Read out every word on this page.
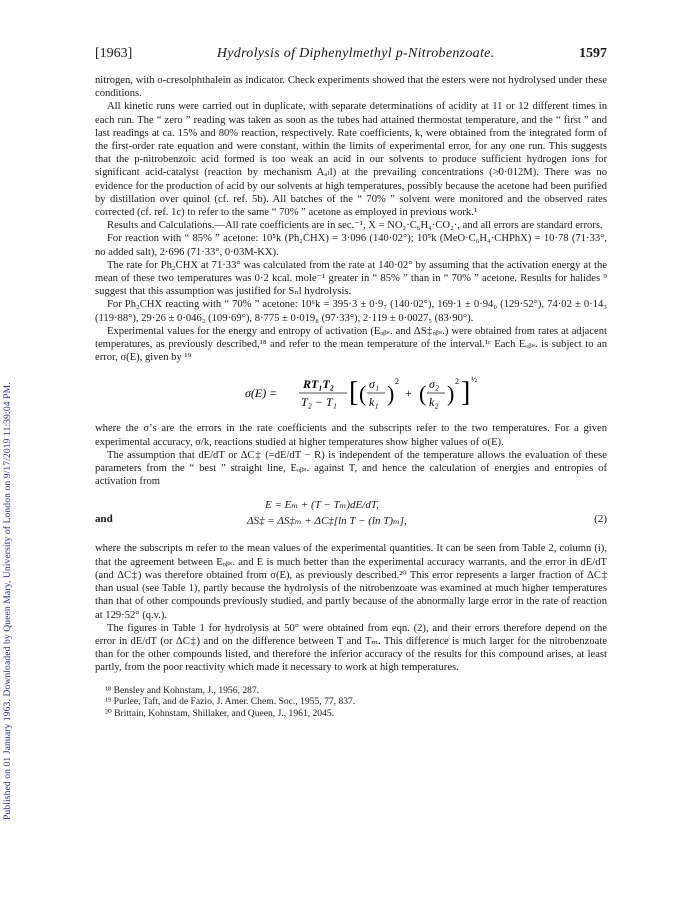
Published on 01 January 1963. Downloaded by Queen Mary, University of London on 9/17/2019 11:39:04 PM.
[1963]	Hydrolysis of Diphenylmethyl p-Nitrobenzoate.	1597

nitrogen, with o-cresolphthalein as indicator. Check experiments showed that the esters were not hydrolysed under these conditions.

All kinetic runs were carried out in duplicate, with separate determinations of acidity at 11 or 12 different times in each run. The “ zero ” reading was taken as soon as the tubes had attained thermostat temperature, and the “ first ” and last readings at ca. 15% and 80% reaction, respectively. Rate coefficients, k, were obtained from the integrated form of the first-order rate equation and were constant, within the limits of experimental error, for any one run. This suggests that the p-nitrobenzoic acid formed is too weak an acid in our solvents to produce sufficient hydrogen ions for significant acid-catalyst (reaction by mechanism Aₐₗl) at the prevailing concentrations (≯0·012M). There was no evidence for the production of acid by our solvents at high temperatures, possibly because the acetone had been purified by distillation over quinol (cf. ref. 5b). All batches of the “ 70% ” solvent were monitored and the observed rates corrected (cf. ref. 1c) to refer to the same “ 70% ” acetone as employed in previous work.¹

Results and Calculations.—All rate coefficients are in sec.⁻¹, X = NO₂·C₆H₄·CO₂·, and all errors are standard errors.

For reaction with “ 85% ” acetone: 10⁵k (Ph₂CHX) = 3·096 (140·02°); 10⁵k (MeO·C₆H₄·CHPhX) = 10·78 (71·33°, no added salt), 2·696 (71·33°, 0·03M-KX).

The rate for Ph₂CHX at 71·33° was calculated from the rate at 140·02° by assuming that the activation energy at the mean of these two temperatures was 0·2 kcal. mole⁻¹ greater in “ 85% ” than in “ 70% ” acetone. Results for halides ⁹ suggest that this assumption was justified for Sₙl hydrolysis.

For Ph₂CHX reacting with “ 70% ” acetone: 10⁶k = 395·3 ± 0·9₇ (140·02°), 169·1 ± 0·94₀ (129·52°), 74·02 ± 0·14₃ (119·88°), 29·26 ± 0·046₂ (109·69°), 8·775 ± 0·019₈ (97·33°), 2·119 ± 0·0027₅ (83·90°).

Experimental values for the energy and entropy of activation (Eₒᵦₛ. and ΔS‡ₒᵦₛ.) were obtained from rates at adjacent temperatures, as previously described,¹⁸ and refer to the mean temperature of the interval.¹ᶜ Each Eₒᵦₛ. is subject to an error, σ(E), given by ¹⁹

σ(E) =
RT₁T₂
T₂ − T₁ [ ( σ₁
k₁ ) 2
+ ( σ₂
k₂ ) 2 ] ½

where the σ’s are the errors in the rate coefficients and the subscripts refer to the two temperatures. For a given experimental accuracy, σ/k, reactions studied at higher temperatures show higher values of σ(E).

The assumption that dE/dT or ΔC‡ (=dE/dT − R) is independent of the temperature allows the evaluation of these parameters from the “ best ” straight line, Eₒᵦₛ. against T, and hence the calculation of energies and entropies of activation from

and
E = Eₘ + (T − Tₘ)dE/dT,
ΔS‡ = ΔS‡ₘ + ΔC‡[ln T − (ln T)ₘ],	(2)

where the subscripts m refer to the mean values of the experimental quantities. It can be seen from Table 2, column (i), that the agreement between Eₒᵦₛ. and E is much better than the experimental accuracy warrants, and the error in dE/dT (and ΔC‡) was therefore obtained from σ(E), as previously described.²⁰ This error represents a larger fraction of ΔC‡ than usual (see Table 1), partly because the hydrolysis of the nitrobenzoate was examined at much higher temperatures than that of other compounds previously studied, and partly because of the abnormally large error in the rate of reaction at 129·52° (q.v.).

The figures in Table 1 for hydrolysis at 50° were obtained from eqn. (2), and their errors therefore depend on the error in dE/dT (or ΔC‡) and on the difference between T and Tₘ. This difference is much larger for the nitrobenzoate than for the other compounds listed, and therefore the inferior accuracy of the results for this compound arises, at least partly, from the poor reactivity which made it necessary to work at high temperatures.

¹⁸ Bensley and Kohnstam, J., 1956, 287.

¹⁹ Purlee, Taft, and de Fazio, J. Amer. Chem. Soc., 1955, 77, 837.

²⁰ Brittain, Kohnstam, Shillaker, and Queen, J., 1961, 2045.
